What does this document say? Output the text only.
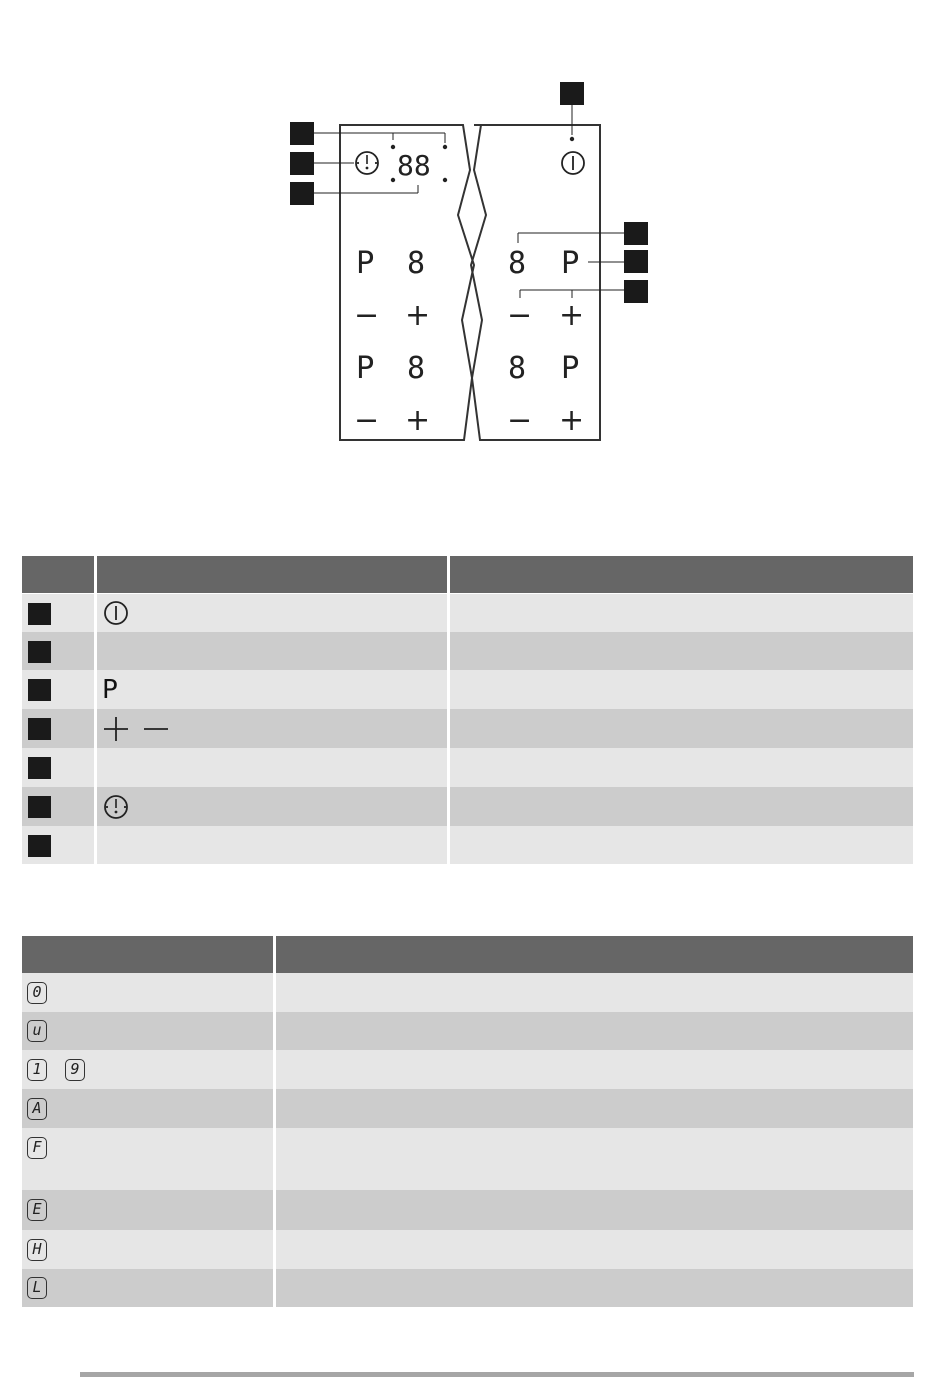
88
P 8
− +
P 8
− +
8 P
− +
8 P
− +
P
0
u
1	9
A
F
E
H
L
